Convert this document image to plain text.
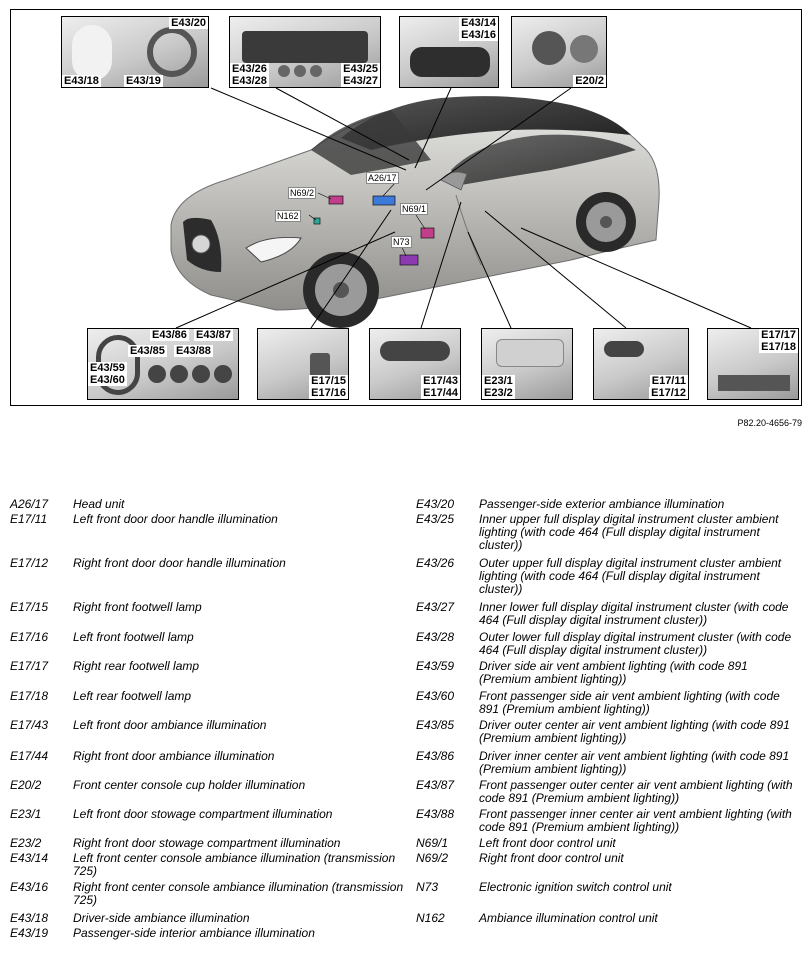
A26/17
N69/2
N162
N69/1
N73
E43/20
E43/18 E43/19
E43/26
E43/28
E43/25
E43/27
E43/14
E43/16
E20/2
E43/86 E43/87
E43/85 E43/88
E43/59
E43/60	E17/15
E17/16
E17/43
E17/44
E23/1
E23/2
E17/11
E17/12
E17/17
E17/18
P82.20-4656-79
A26/17	Head unit
E17/11	Left front door door handle illumination
E17/12	Right front door door handle illumination
E17/15	Right front footwell lamp
E17/16	Left front footwell lamp
E17/17	Right rear footwell lamp
E17/18	Left rear footwell lamp
E17/43	Left front door ambiance illumination
E17/44	Right front door ambiance illumination
E20/2	Front center console cup holder illumination
E23/1	Left front door stowage compartment illumination
E23/2	Right front door stowage compartment illumination
E43/14	Left front center console ambiance illumination (transmission 725)
E43/16	Right front center console ambiance illumination (transmission 725)
E43/18	Driver-side ambiance illumination
E43/19	Passenger-side interior ambiance illumination
E43/20	Passenger-side exterior ambiance illumination
E43/25	Inner upper full display digital instrument cluster ambient lighting (with code 464 (Full display digital instrument cluster))
E43/26	Outer upper full display digital instrument cluster ambient lighting (with code 464 (Full display digital instrument cluster))
E43/27	Inner lower full display digital instrument cluster (with code 464 (Full display digital instrument cluster))
E43/28	Outer lower full display digital instrument cluster (with code 464 (Full display digital instrument cluster))
E43/59	Driver side air vent ambient lighting (with code 891 (Premium ambient lighting))
E43/60	Front passenger side air vent ambient lighting (with code 891 (Premium ambient lighting))
E43/85	Driver outer center air vent ambient lighting (with code 891 (Premium ambient lighting))
E43/86	Driver inner center air vent ambient lighting (with code 891 (Premium ambient lighting))
E43/87	Front passenger outer center air vent ambient lighting (with code 891 (Premium ambient lighting))
E43/88	Front passenger inner center air vent ambient lighting (with code 891 (Premium ambient lighting))
N69/1	Left front door control unit
N69/2	Right front door control unit
N73	Electronic ignition switch control unit
N162	Ambiance illumination control unit
